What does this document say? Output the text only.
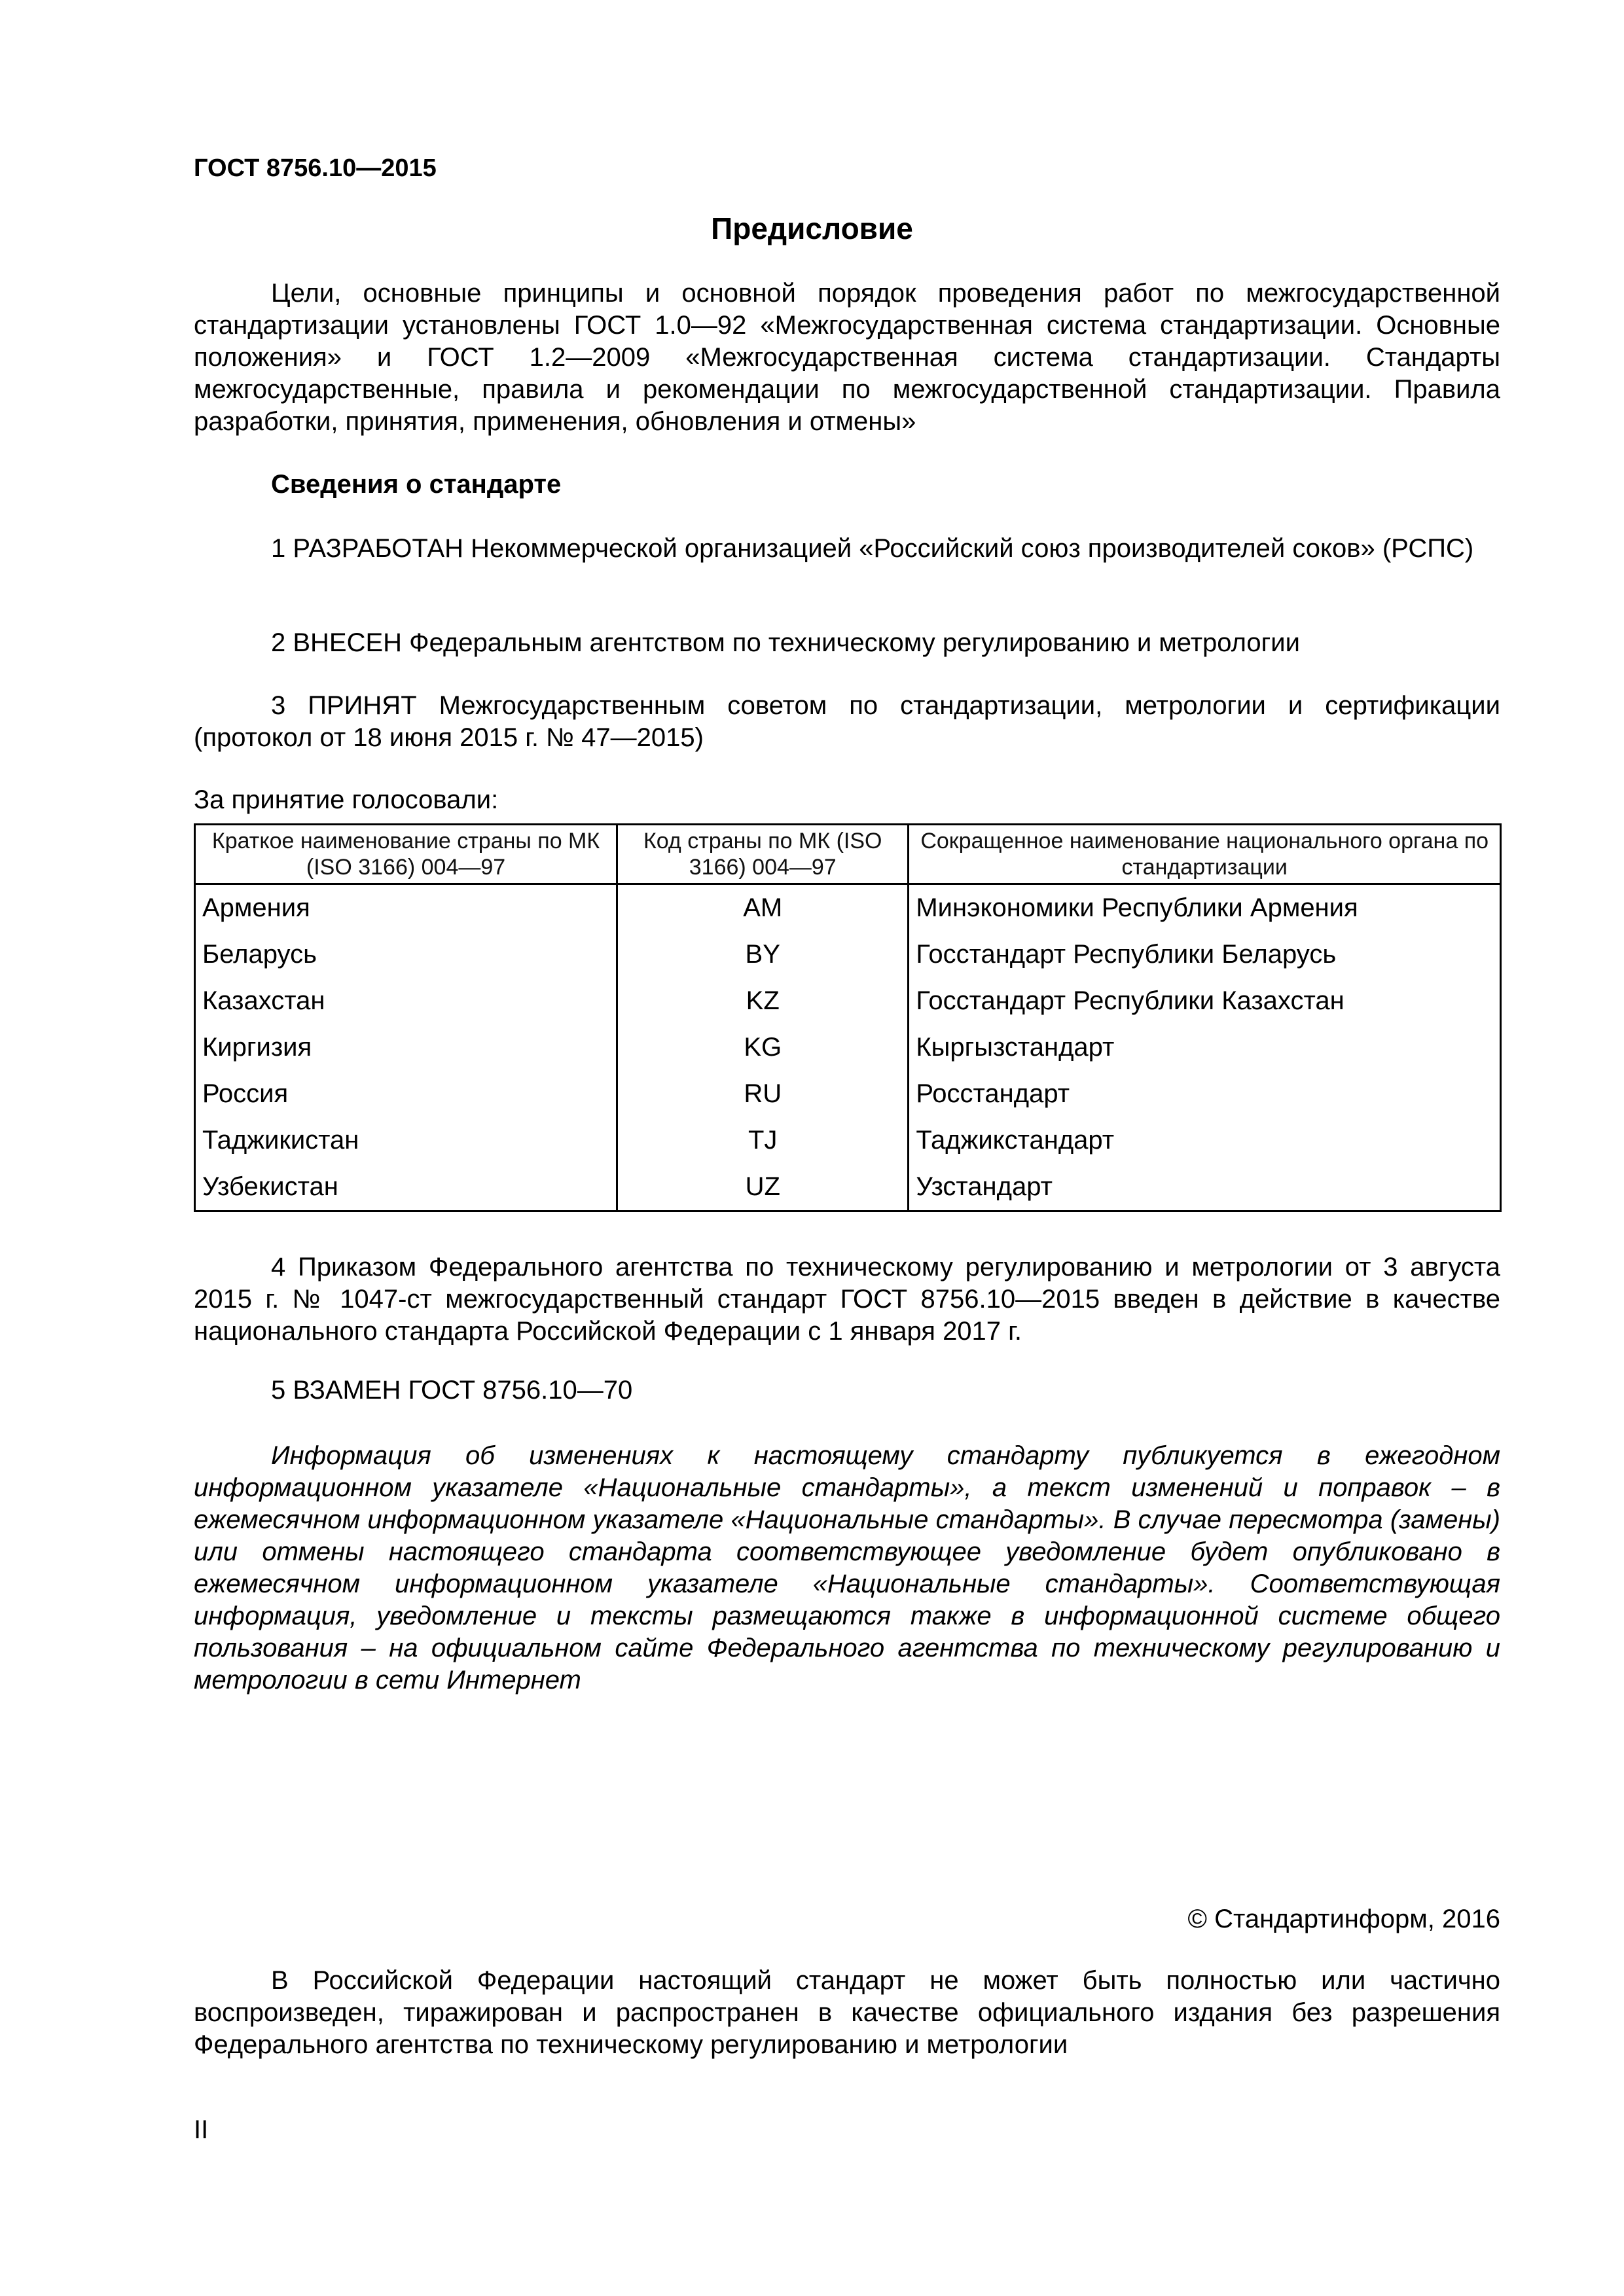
ГОСТ 8756.10—2015
Предисловие
Цели, основные принципы и основной порядок проведения работ по межгосударственной стандартизации установлены ГОСТ 1.0—92 «Межгосударственная система стандартизации. Основные положения» и ГОСТ 1.2—2009 «Межгосударственная система стандартизации. Стандарты межгосударственные, правила и рекомендации по межгосударственной стандартизации. Правила разработки, принятия, применения, обновления и отмены»
Сведения о стандарте
1 РАЗРАБОТАН Некоммерческой организацией «Российский союз производителей соков» (РСПС)
2 ВНЕСЕН Федеральным агентством по техническому регулированию и метрологии
3 ПРИНЯТ Межгосударственным советом по стандартизации, метрологии и сертификации (протокол от 18 июня 2015 г. № 47—2015)
За принятие голосовали:
Краткое наименование страны по МК (ISO 3166) 004—97	Код страны по МК (ISO 3166) 004—97	Сокращенное наименование национального органа по стандартизации
Армения	AM	Минэкономики Республики Армения
Беларусь	BY	Госстандарт Республики Беларусь
Казахстан	KZ	Госстандарт Республики Казахстан
Киргизия	KG	Кыргызстандарт
Россия	RU	Росстандарт
Таджикистан	TJ	Таджикстандарт
Узбекистан	UZ	Узстандарт
4 Приказом Федерального агентства по техническому регулированию и метрологии от 3 августа 2015 г. № 1047-ст межгосударственный стандарт ГОСТ 8756.10—2015 введен в действие в качестве национального стандарта Российской Федерации с 1 января 2017 г.
5 ВЗАМЕН ГОСТ 8756.10—70
Информация об изменениях к настоящему стандарту публикуется в ежегодном информационном указателе «Национальные стандарты», а текст изменений и поправок – в ежемесячном информационном указателе «Национальные стандарты». В случае пересмотра (замены) или отмены настоящего стандарта соответствующее уведомление будет опубликовано в ежемесячном информационном указателе «Национальные стандарты». Соответствующая информация, уведомление и тексты размещаются также в информационной системе общего пользования – на официальном сайте Федерального агентства по техническому регулированию и метрологии в сети Интернет
© Стандартинформ, 2016
В Российской Федерации настоящий стандарт не может быть полностью или частично воспроизведен, тиражирован и распространен в качестве официального издания без разрешения Федерального агентства по техническому регулированию и метрологии
II
